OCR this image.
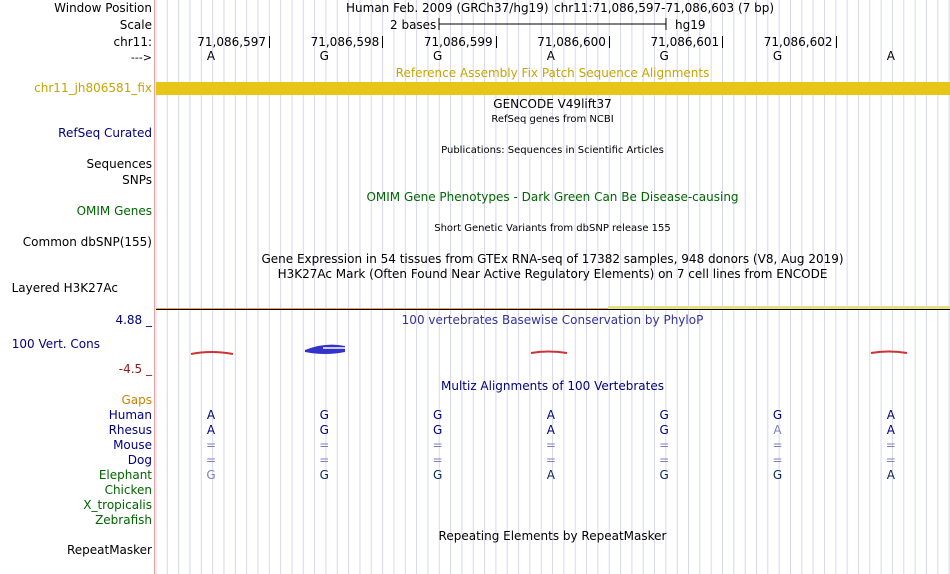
Window Position	Human Feb. 2009 (GRCh37/hg19) chr11:71,086,597-71,086,603 (7 bp)
Scale	2 bases	hg19
chr11:	71,086,597	71,086,598	71,086,599	71,086,600	71,086,601	71,086,602
--->	A	G	G	A	G	G	A
Reference Assembly Fix Patch Sequence Alignments
chr11_jh806581_fix
GENCODE V49lift37
RefSeq genes from NCBI
RefSeq Curated
Publications: Sequences in Scientific Articles
Sequences
SNPs
OMIM Gene Phenotypes - Dark Green Can Be Disease-causing
OMIM Genes
Short Genetic Variants from dbSNP release 155
Common dbSNP(155)
Gene Expression in 54 tissues from GTEx RNA-seq of 17382 samples, 948 donors (V8, Aug 2019)
H3K27Ac Mark (Often Found Near Active Regulatory Elements) on 7 cell lines from ENCODE
Layered H3K27Ac
100 vertebrates Basewise Conservation by PhyloP
4.88 _
100 Vert. Cons
-4.5 _
Multiz Alignments of 100 Vertebrates
Gaps
Human	A	G	G	A	G	G	A
Rhesus	A	G	G	A	G	A	A
Mouse	=	=	=	=	=	=	=
Dog	=	=	=	=	=	=	=
Elephant	G	G	G	A	G	G	A
Chicken
X_tropicalis
Zebrafish
Repeating Elements by RepeatMasker
RepeatMasker
